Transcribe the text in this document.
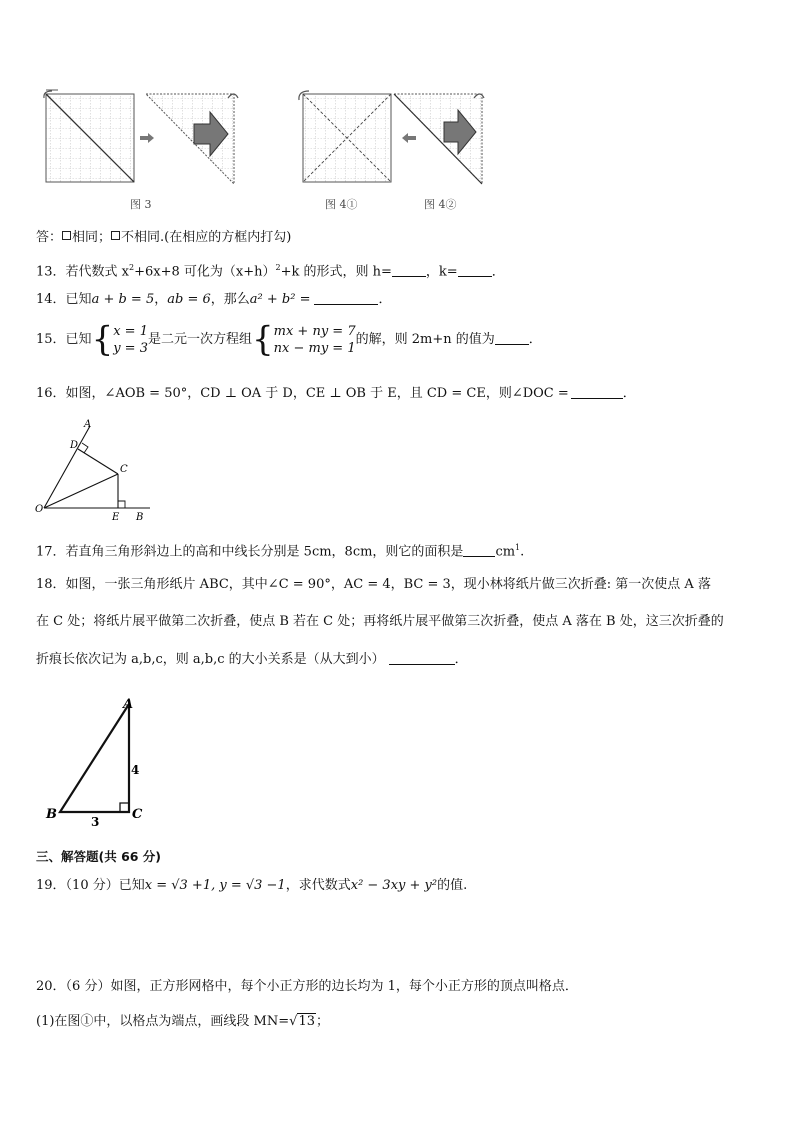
图 3	图 4①	图 4②
答： 相同； 不相同.(在相应的方框内打勾)
13．若代数式 $x^2+6x+8$ 可化为$(x+h)^2+k$ 的形式，则 h=	，k=	．
14．已知a + b = 5，ab = 6，那么a² + b² =	．
15．已知{x = 1
y = 3是二元一次方程组{mx + ny = 7
nx − my = 1的解，则 2m+n 的值为	．
16．如图，∠AOB = 50°，CD ⊥ OA 于 D，CE ⊥ OB 于 E，且 CD = CE，则∠DOC =	．
A
D
C
O
E B
17．若直角三角形斜边上的高和中线长分别是 5cm，8cm，则它的面积是 $cm^1$.
18．如图，一张三角形纸片 ABC，其中∠C = 90°，AC = 4，BC = 3，现小林将纸片做三次折叠: 第一次使点 A 落
在 C 处；将纸片展平做第二次折叠，使点 B 若在 C 处；再将纸片展平做第三次折叠，使点 A 落在 B 处，这三次折叠的
折痕长依次记为 a,b,c，则 a,b,c 的大小关系是（从大到小）	．
A
B	C
4
3
三、解答题(共 66 分)
19．（10 分）已知x = √3 +1, y = √3 −1，求代数式x² − 3xy + y²的值.
20．（6 分）如图，正方形网格中，每个小正方形的边长均为 1，每个小正方形的顶点叫格点．
(1)在图①中，以格点为端点，画线段 MN=√13；
